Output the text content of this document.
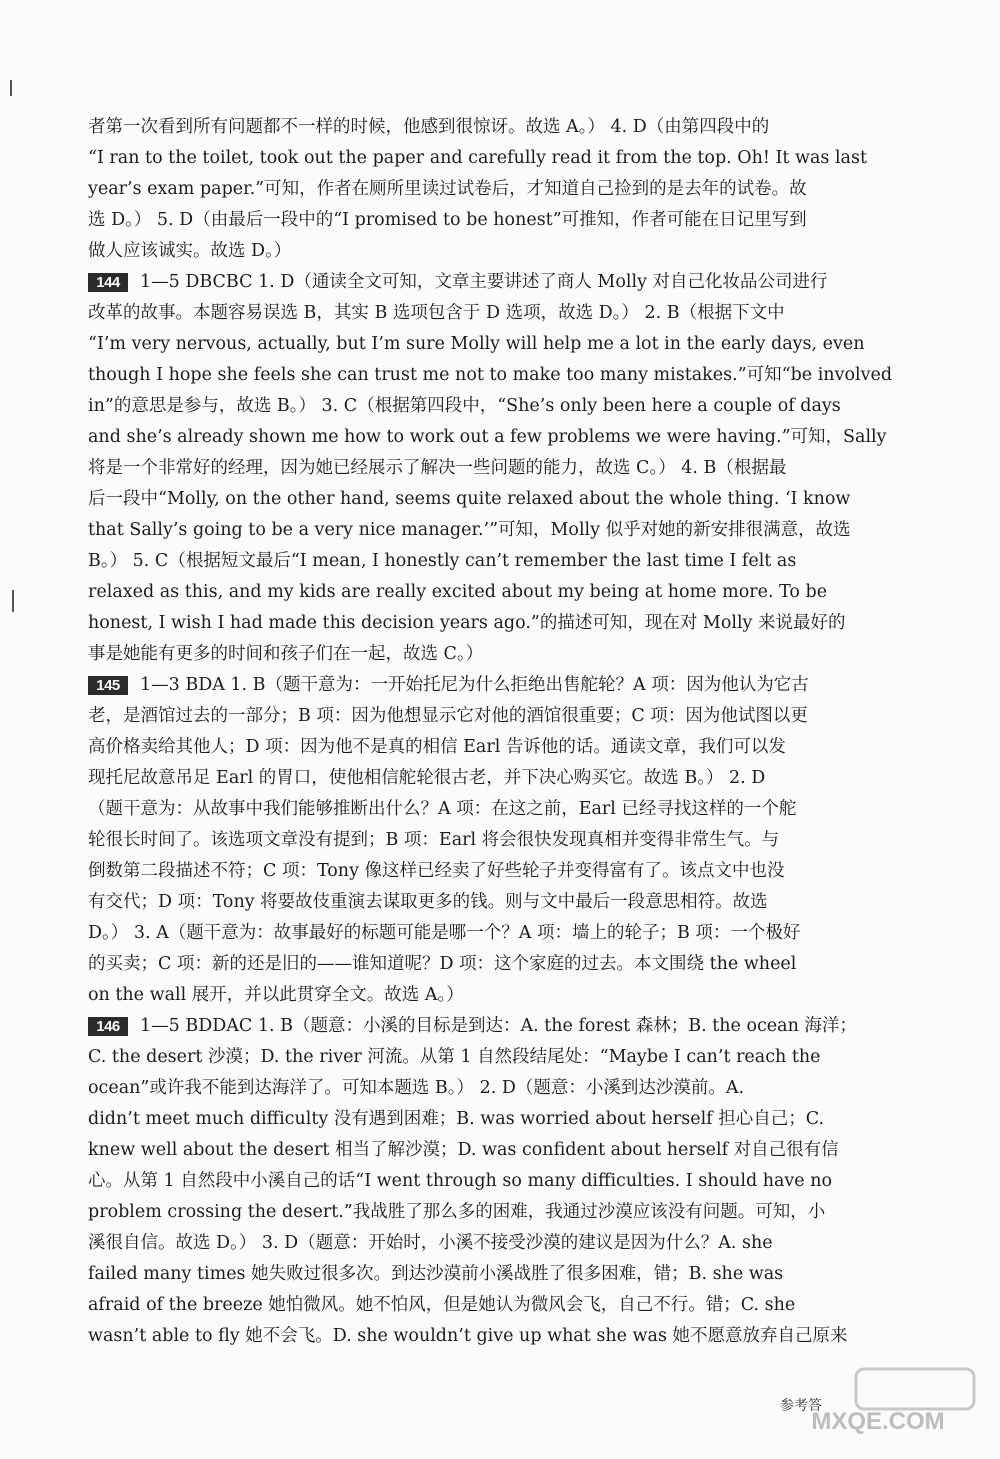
者第一次看到所有问题都不一样的时候，他感到很惊讶。故选 A。） 4. D（由第四段中的
“I ran to the toilet, took out the paper and carefully read it from the top. Oh! It was last
year’s exam paper.”可知，作者在厕所里读过试卷后，才知道自己捡到的是去年的试卷。故
选 D。） 5. D（由最后一段中的“I promised to be honest”可推知，作者可能在日记里写到
做人应该诚实。故选 D。）
144	1—5 DBCBC 1. D（通读全文可知，文章主要讲述了商人 Molly 对自己化妆品公司进行
改革的故事。本题容易误选 B，其实 B 选项包含于 D 选项，故选 D。） 2. B（根据下文中
“I’m very nervous, actually, but I’m sure Molly will help me a lot in the early days, even
though I hope she feels she can trust me not to make too many mistakes.”可知“be involved
in”的意思是参与，故选 B。） 3. C（根据第四段中，“She’s only been here a couple of days
and she’s already shown me how to work out a few problems we were having.”可知，Sally
将是一个非常好的经理，因为她已经展示了解决一些问题的能力，故选 C。） 4. B（根据最
后一段中“Molly, on the other hand, seems quite relaxed about the whole thing. ‘I know
that Sally’s going to be a very nice manager.’”可知，Molly 似乎对她的新安排很满意，故选
B。） 5. C（根据短文最后“I mean, I honestly can’t remember the last time I felt as
relaxed as this, and my kids are really excited about my being at home more. To be
honest, I wish I had made this decision years ago.”的描述可知，现在对 Molly 来说最好的
事是她能有更多的时间和孩子们在一起，故选 C。）
145	1—3 BDA 1. B（题干意为：一开始托尼为什么拒绝出售舵轮？A 项：因为他认为它古
老，是酒馆过去的一部分；B 项：因为他想显示它对他的酒馆很重要；C 项：因为他试图以更
高价格卖给其他人；D 项：因为他不是真的相信 Earl 告诉他的话。通读文章，我们可以发
现托尼故意吊足 Earl 的胃口，使他相信舵轮很古老，并下决心购买它。故选 B。） 2. D
（题干意为：从故事中我们能够推断出什么？A 项：在这之前，Earl 已经寻找这样的一个舵
轮很长时间了。该选项文章没有提到；B 项：Earl 将会很快发现真相并变得非常生气。与
倒数第二段描述不符；C 项：Tony 像这样已经卖了好些轮子并变得富有了。该点文中也没
有交代；D 项：Tony 将要故伎重演去谋取更多的钱。则与文中最后一段意思相符。故选
D。） 3. A（题干意为：故事最好的标题可能是哪一个？A 项：墙上的轮子；B 项：一个极好
的买卖；C 项：新的还是旧的——谁知道呢？D 项：这个家庭的过去。本文围绕 the wheel
on the wall 展开，并以此贯穿全文。故选 A。）
146	1—5 BDDAC 1. B（题意：小溪的目标是到达：A. the forest 森林；B. the ocean 海洋；
C. the desert 沙漠；D. the river 河流。从第 1 自然段结尾处：“Maybe I can’t reach the
ocean”或许我不能到达海洋了。可知本题选 B。） 2. D（题意：小溪到达沙漠前。A.
didn’t meet much difficulty 没有遇到困难；B. was worried about herself 担心自己；C.
knew well about the desert 相当了解沙漠；D. was confident about herself 对自己很有信
心。从第 1 自然段中小溪自己的话“I went through so many difficulties. I should have no
problem crossing the desert.”我战胜了那么多的困难，我通过沙漠应该没有问题。可知，小
溪很自信。故选 D。） 3. D（题意：开始时，小溪不接受沙漠的建议是因为什么？A. she
failed many times 她失败过很多次。到达沙漠前小溪战胜了很多困难，错；B. she was
afraid of the breeze 她怕微风。她不怕风，但是她认为微风会飞，自己不行。错；C. she
wasn’t able to fly 她不会飞。D. she wouldn’t give up what she was 她不愿意放弃自己原来
参考答
MXQE.COM
